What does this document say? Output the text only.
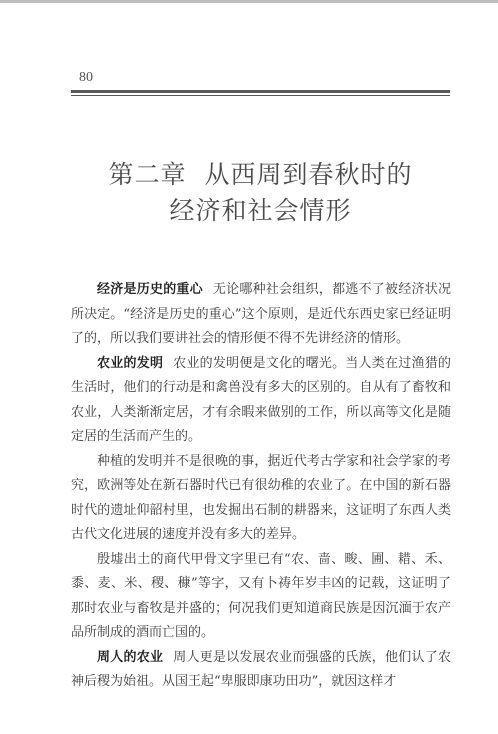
80
第二章 从西周到春秋时的
经济和社会情形

经济是历史的重心 无论哪种社会组织，都逃不了被经济状况所决定。“经济是历史的重心”这个原则，是近代东西史家已经证明了的，所以我们要讲社会的情形便不得不先讲经济的情形。

农业的发明 农业的发明便是文化的曙光。当人类在过渔猎的生活时，他们的行动是和禽兽没有多大的区别的。自从有了畜牧和农业，人类渐渐定居，才有余暇来做别的工作，所以高等文化是随定居的生活而产生的。

种植的发明并不是很晚的事，据近代考古学家和社会学家的考究，欧洲等处在新石器时代已有很幼稚的农业了。在中国的新石器时代的遗址仰韶村里，也发掘出石制的耕器来，这证明了东西人类古代文化进展的速度并没有多大的差异。

殷墟出土的商代甲骨文字里已有“农、啬、畯、圃、耤、禾、黍、麦、米、稷、穅”等字，又有卜祷年岁丰凶的记载，这证明了那时农业与畜牧是并盛的；何况我们更知道商民族是因沉湎于农产品所制成的酒而亡国的。

周人的农业 周人更是以发展农业而强盛的氏族，他们认了农神后稷为始祖。从国王起“卑服即康功田功”，就因这样才
